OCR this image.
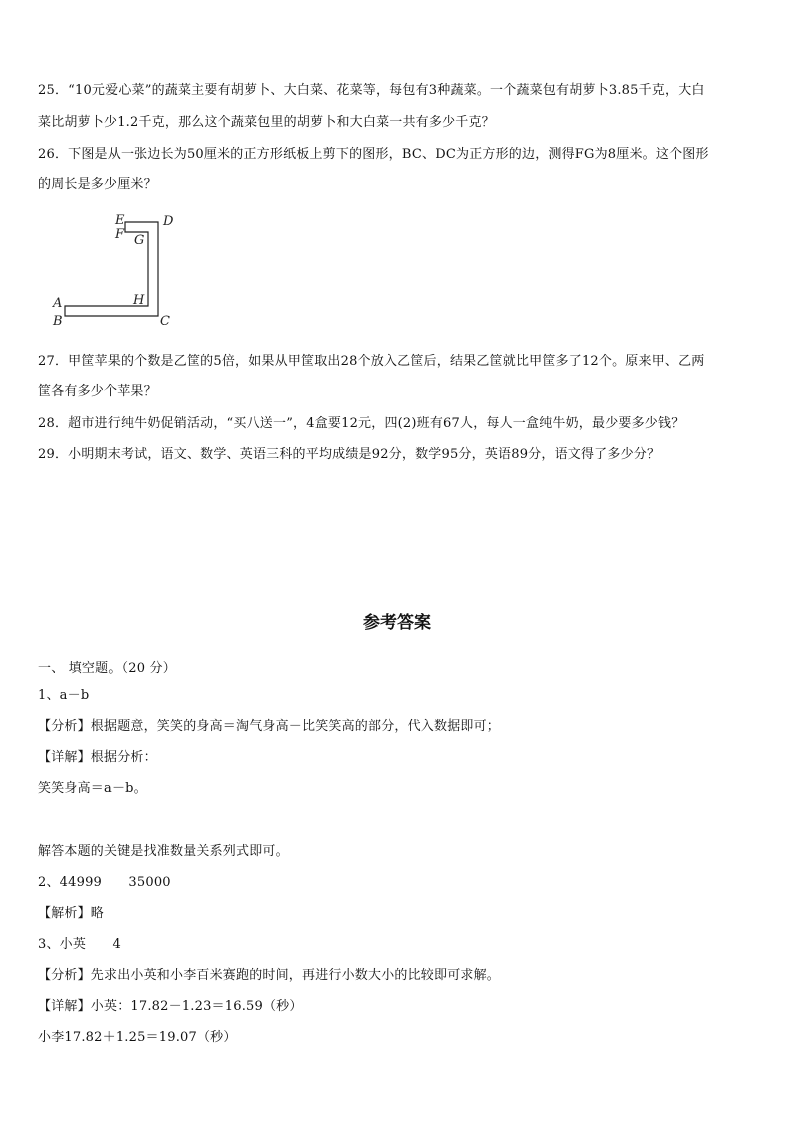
25．“10元爱心菜”的蔬菜主要有胡萝卜、大白菜、花菜等，每包有3种蔬菜。一个蔬菜包有胡萝卜3.85千克，大白
菜比胡萝卜少1.2千克，那么这个蔬菜包里的胡萝卜和大白菜一共有多少千克？
26．下图是从一张边长为50厘米的正方形纸板上剪下的图形，BC、DC为正方形的边，测得FG为8厘米。这个图形
的周长是多少厘米？
E
F G
D
A
B
H
C
27．甲筐苹果的个数是乙筐的5倍，如果从甲筐取出28个放入乙筐后，结果乙筐就比甲筐多了12个。原来甲、乙两
筐各有多少个苹果？
28．超市进行纯牛奶促销活动，“买八送一”，4盒要12元，四(2)班有67人，每人一盒纯牛奶，最少要多少钱？
29．小明期末考试，语文、数学、英语三科的平均成绩是92分，数学95分，英语89分，语文得了多少分？
参考答案
一、 填空题。（20 分）
1、a－b
【分析】根据题意，笑笑的身高＝淘气身高－比笑笑高的部分，代入数据即可；
【详解】根据分析：
笑笑身高＝a－b。
解答本题的关键是找准数量关系列式即可。
2、44999　　35000
【解析】略
3、小英　　4
【分析】先求出小英和小李百米赛跑的时间，再进行小数大小的比较即可求解。
【详解】小英：17.82－1.23＝16.59（秒）
小李17.82＋1.25＝19.07（秒）
